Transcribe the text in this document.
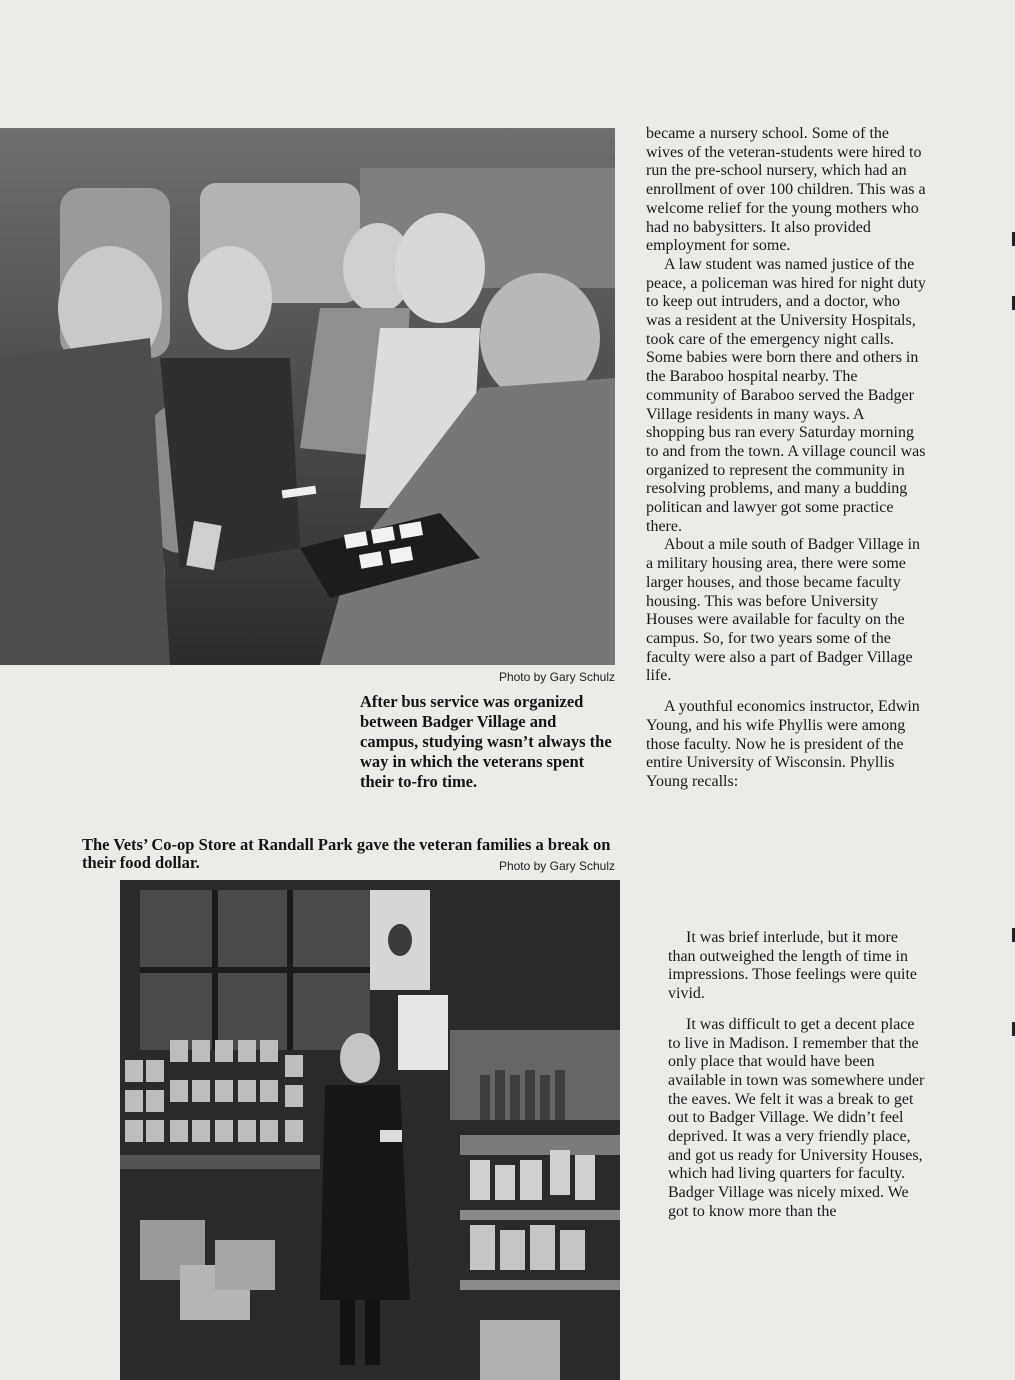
Photo by Gary Schulz
After bus service was organized between Badger Village and campus, studying wasn’t always the way in which the veterans spent their to-fro time.
The Vets’ Co-op Store at Randall Park gave the veteran families a break on their food dollar.	Photo by Gary Schulz

became a nursery school. Some of the wives of the veteran-students were hired to run the pre-school nursery, which had an enrollment of over 100 children. This was a welcome relief for the young mothers who had no babysitters. It also provided employment for some.

A law student was named justice of the peace, a policeman was hired for night duty to keep out intruders, and a doctor, who was a resident at the University Hospitals, took care of the emergency night calls. Some babies were born there and others in the Baraboo hospital nearby. The community of Baraboo served the Badger Village residents in many ways. A shopping bus ran every Saturday morning to and from the town. A village council was organized to represent the community in resolving problems, and many a budding politican and lawyer got some practice there.

About a mile south of Badger Village in a military housing area, there were some larger houses, and those became faculty housing. This was before University Houses were available for faculty on the campus. So, for two years some of the faculty were also a part of Badger Village life.

A youthful economics instructor, Edwin Young, and his wife Phyllis were among those faculty. Now he is president of the entire University of Wisconsin. Phyllis Young recalls:

It was brief interlude, but it more than outweighed the length of time in impressions. Those feelings were quite vivid.

It was difficult to get a decent place to live in Madison. I remember that the only place that would have been available in town was somewhere under the eaves. We felt it was a break to get out to Badger Village. We didn’t feel deprived. It was a very friendly place, and got us ready for University Houses, which had living quarters for faculty. Badger Village was nicely mixed. We got to know more than the
